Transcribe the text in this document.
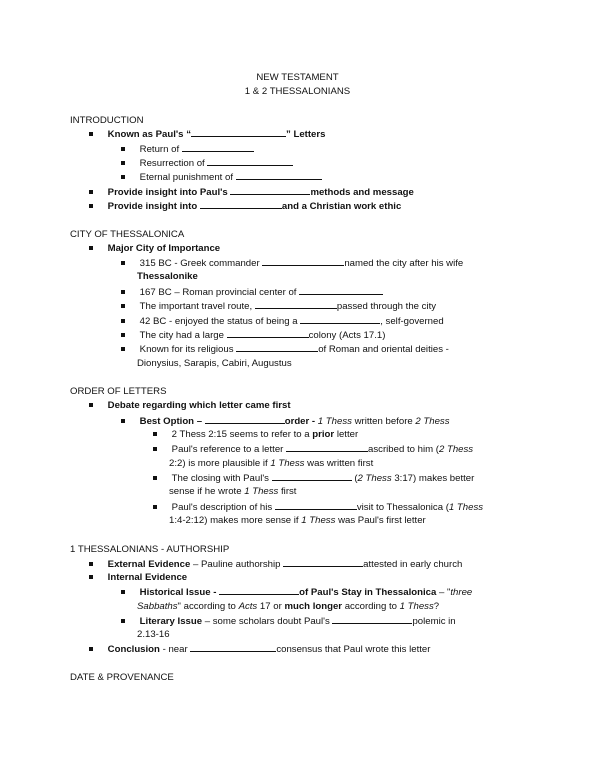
NEW TESTAMENT
1 & 2 THESSALONIANS
INTRODUCTION
Known as Paul's “	” Letters
Return of
Resurrection of
Eternal punishment of
Provide insight into Paul's	methods and message
Provide insight into	and a Christian work ethic
CITY OF THESSALONICA
Major City of Importance
315 BC - Greek commander	named the city after his wife
Thessalonike
167 BC – Roman provincial center of
The important travel route,	passed through the city
42 BC - enjoyed the status of being a	, self-governed
The city had a large	colony (Acts 17.1)
Known for its religious	of Roman and oriental deities -
Dionysius, Sarapis, Cabiri, Augustus
ORDER OF LETTERS
Debate regarding which letter came first
Best Option –	order - 1 Thess written before 2 Thess
2 Thess 2:15 seems to refer to a prior letter
Paul's reference to a letter	ascribed to him (2 Thess
2:2) is more plausible if 1 Thess was written first
The closing with Paul's	(2 Thess 3:17) makes better
sense if he wrote 1 Thess first
Paul's description of his	visit to Thessalonica (1 Thess
1:4-2:12) makes more sense if 1 Thess was Paul's first letter
1 THESSALONIANS - AUTHORSHIP
External Evidence – Pauline authorship	attested in early church
Internal Evidence
Historical Issue -	of Paul's Stay in Thessalonica – "three
Sabbaths" according to Acts 17 or much longer according to 1 Thess?
Literary Issue – some scholars doubt Paul's	polemic in
2.13-16
Conclusion - near	consensus that Paul wrote this letter
DATE & PROVENANCE
